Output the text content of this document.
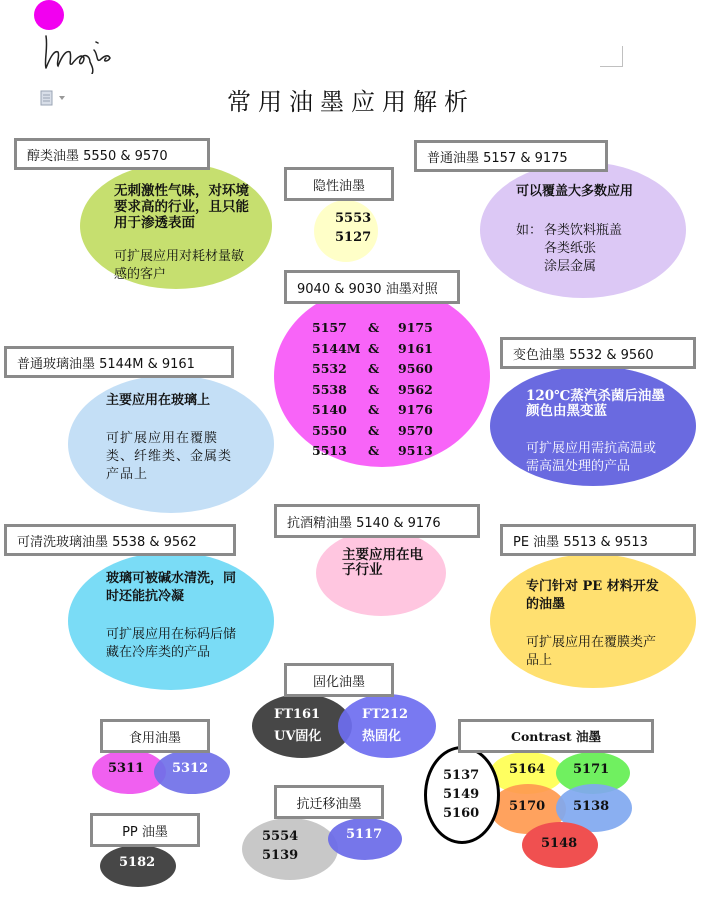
常用油墨应用解析
醇类油墨 5550 & 9570
无刺激性气味，对环境要求高的行业，且只能用于渗透表面
可扩展应用对耗材量敏感的客户
隐性油墨
5553
5127
普通油墨 5157 & 9175
可以覆盖大多数应用
如： 各类饮料瓶盖
各类纸张
涂层金属
9040 & 9030 油墨对照
5157	&	9175
5144M &	9161
5532	&	9560
5538	&	9562
5140	&	9176
5550	&	9570
5513	&	9513
普通玻璃油墨 5144M & 9161
主要应用在玻璃上
可扩展应用在覆膜类、纤维类、金属类产品上
变色油墨 5532 & 9560
120℃蒸汽杀菌后油墨颜色由黑变蓝
可扩展应用需抗高温或需高温处理的产品
抗酒精油墨 5140 & 9176
主要应用在电子行业
可清洗玻璃油墨 5538 & 9562
玻璃可被碱水清洗，同时还能抗冷凝
可扩展应用在标码后储藏在冷库类的产品
PE 油墨 5513 & 9513
专门针对 PE 材料开发的油墨
可扩展应用在覆膜类产品上
固化油墨
FT161
UV固化
FT212
热固化
食用油墨
5311 5312
抗迁移油墨
5554
5139
5117
PP 油墨
5182
Contrast 油墨
5137
5149
5160
5164 5171
5170 5138
5148
